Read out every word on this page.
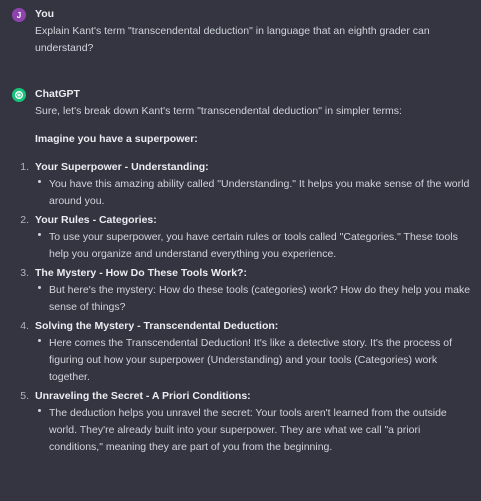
J	You
Explain Kant's term "transcendental deduction" in language that an eighth grader can understand?
ChatGPT
Sure, let's break down Kant's term "transcendental deduction" in simpler terms:
Imagine you have a superpower:
1. Your Superpower - Understanding:
You have this amazing ability called "Understanding." It helps you make sense of the world around you.
2. Your Rules - Categories:
To use your superpower, you have certain rules or tools called "Categories." These tools help you organize and understand everything you experience.
3. The Mystery - How Do These Tools Work?:
But here's the mystery: How do these tools (categories) work? How do they help you make sense of things?
4. Solving the Mystery - Transcendental Deduction:
Here comes the Transcendental Deduction! It's like a detective story. It's the process of figuring out how your superpower (Understanding) and your tools (Categories) work together.
5. Unraveling the Secret - A Priori Conditions:
The deduction helps you unravel the secret: Your tools aren't learned from the outside world. They're already built into your superpower. They are what we call "a priori conditions," meaning they are part of you from the beginning.
